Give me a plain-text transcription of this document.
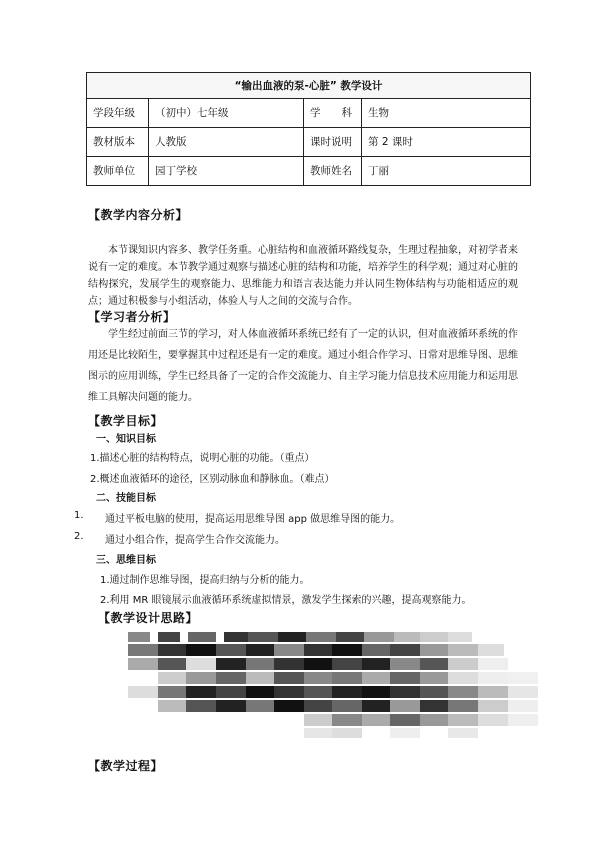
“输出血液的泵-心脏” 教学设计			
学段年级	（初中）七年级	学　　科	生物
教材版本	人教版	课时说明	第 2 课时
教师单位	园丁学校	教师姓名	丁丽
【教学内容分析】
本节课知识内容多、教学任务重。心脏结构和血液循环路线复杂，生理过程抽象，对初学者来说有一定的难度。本节教学通过观察与描述心脏的结构和功能，培养学生的科学观；通过对心脏的结构探究，发展学生的观察能力、思维能力和语言表达能力并认同生物体结构与功能相适应的观点；通过积极参与小组活动，体验人与人之间的交流与合作。
【学习者分析】
学生经过前面三节的学习，对人体血液循环系统已经有了一定的认识，但对血液循环系统的作用还是比较陌生，要掌握其中过程还是有一定的难度。通过小组合作学习、日常对思维导图、思维图示的应用训练，学生已经具备了一定的合作交流能力、自主学习能力信息技术应用能力和运用思维工具解决问题的能力。
【教学目标】
一、知识目标
1.描述心脏的结构特点，说明心脏的功能。（重点）
2.概述血液循环的途径，区别动脉血和静脉血。（难点）
二、技能目标
1. 通过平板电脑的使用，提高运用思维导图 app 做思维导图的能力。
2. 通过小组合作，提高学生合作交流能力。
三、思维目标
1.通过制作思维导图，提高归纳与分析的能力。
2.利用 MR 眼镜展示血液循环系统虚拟情景，激发学生探索的兴趣，提高观察能力。
【教学设计思路】
【教学过程】
